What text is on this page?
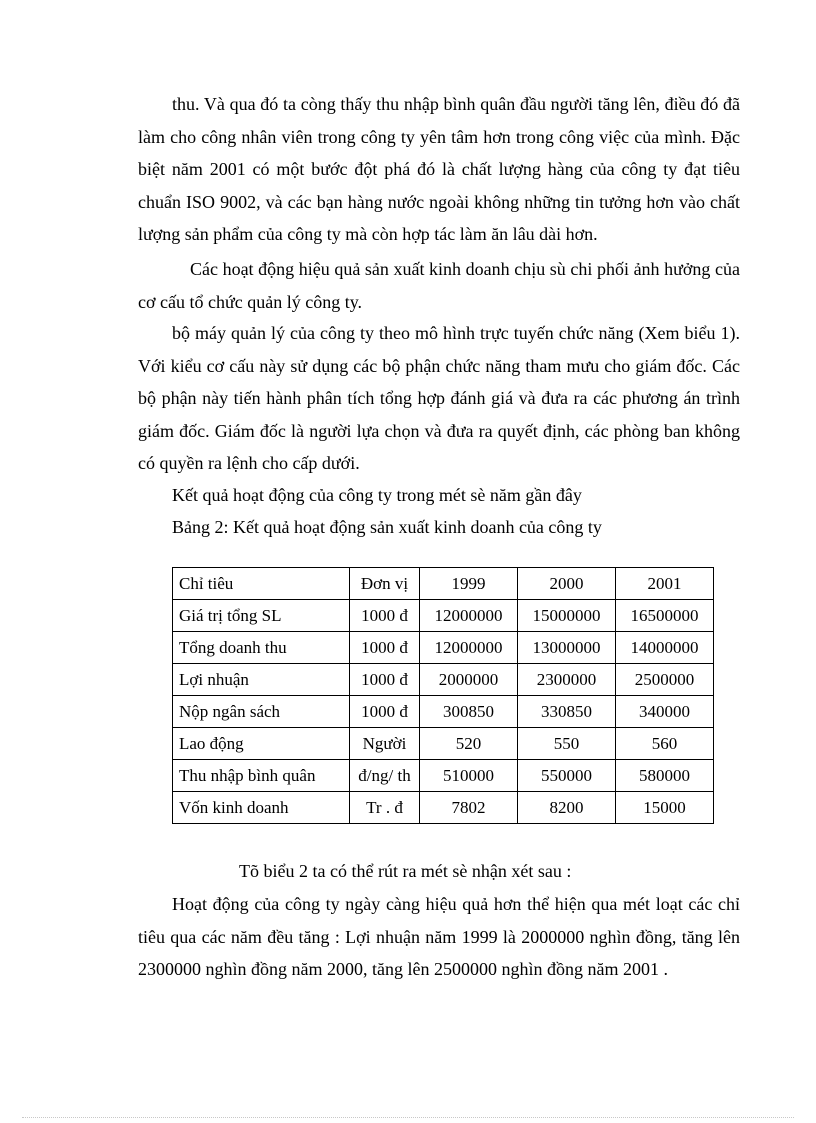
thu. Và qua đó ta còng thấy thu nhập bình quân đầu người tăng lên, điều đó đã làm cho công nhân viên trong công ty yên tâm hơn trong công việc của mình. Đặc biệt năm 2001 có một bước đột phá đó là chất lượng hàng của công ty đạt tiêu chuẩn ISO 9002, và các bạn hàng nước ngoài không những tin tưởng hơn vào chất lượng sản phẩm của công ty mà còn hợp tác làm ăn lâu dài hơn.

Các hoạt động hiệu quả sản xuất kinh doanh chịu sù chi phối ảnh hưởng của cơ cấu tổ chức quản lý công ty.

bộ máy quản lý của công ty theo mô hình trực tuyến chức năng (Xem biểu 1). Với kiểu cơ cấu này sử dụng các bộ phận chức năng tham mưu cho giám đốc. Các bộ phận này tiến hành phân tích tổng hợp đánh giá và đưa ra các phương án trình giám đốc. Giám đốc là người lựa chọn và đưa ra quyết định, các phòng ban không có quyền ra lệnh cho cấp dưới.

Kết quả hoạt động của công ty trong mét sè năm gần đây

Bảng 2: Kết quả hoạt động sản xuất kinh doanh của công ty

Chỉ tiêu	Đơn vị	1999	2000	2001
Giá trị tổng SL	1000 đ	12000000	15000000	16500000
Tổng doanh thu	1000 đ	12000000	13000000	14000000
Lợi nhuận	1000 đ	2000000	2300000	2500000
Nộp ngân sách	1000 đ	300850	330850	340000
Lao động	Người	520	550	560
Thu nhập bình quân	đ/ng/ th	510000	550000	580000
Vốn kinh doanh	Tr . đ	7802	8200	15000

Tõ biểu 2 ta có thể rút ra mét sè nhận xét sau :

Hoạt động của công ty ngày càng hiệu quả hơn thể hiện qua mét loạt các chỉ tiêu qua các năm đều tăng : Lợi nhuận năm 1999 là 2000000 nghìn đồng, tăng lên 2300000 nghìn đồng năm 2000, tăng lên 2500000 nghìn đồng năm 2001 .
